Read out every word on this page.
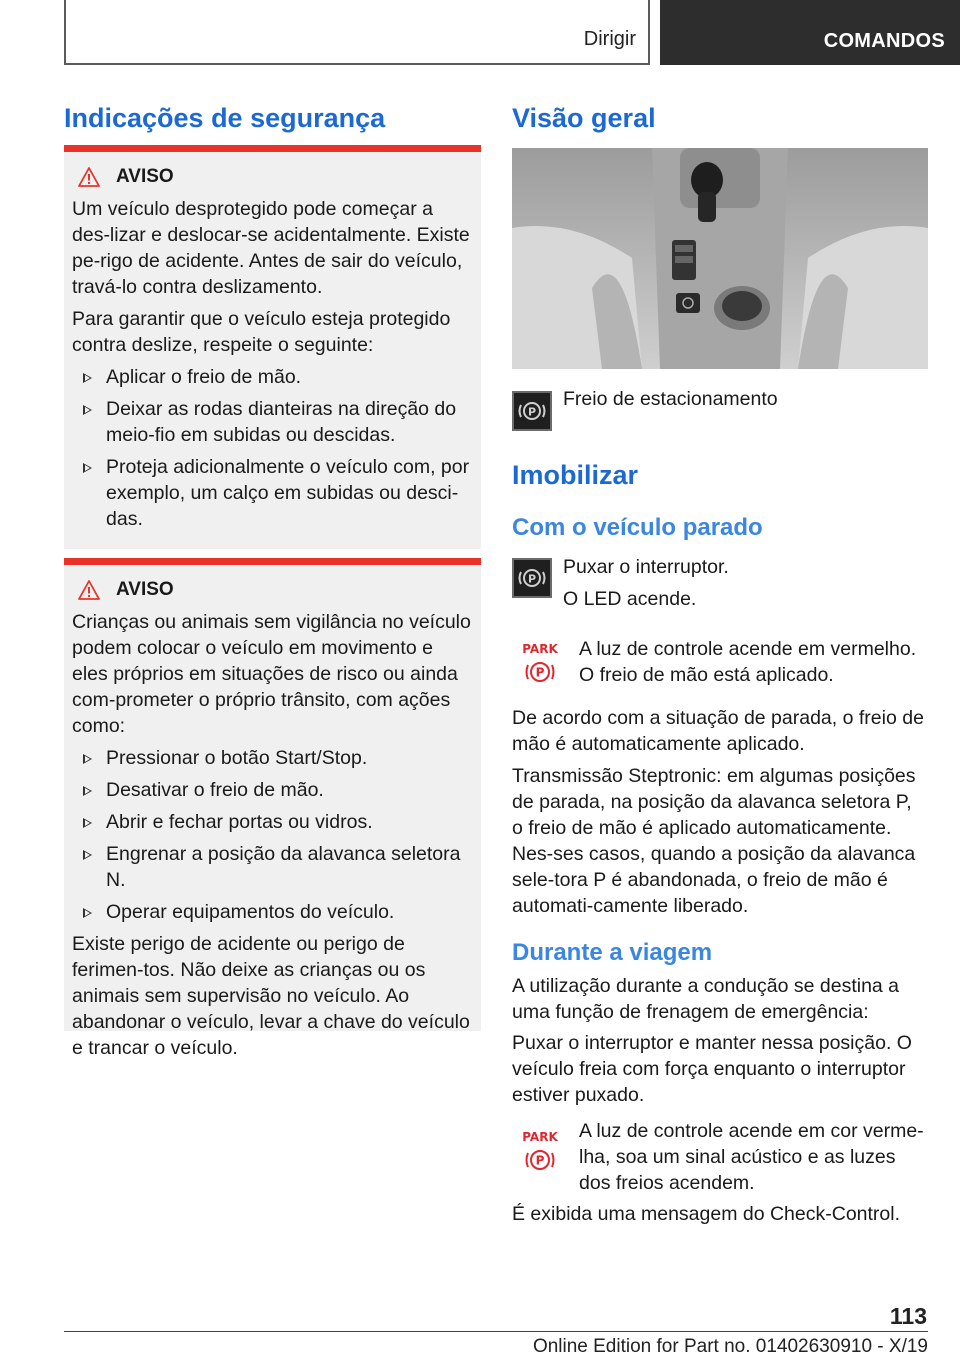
Dirigir	COMANDOS
Indicações de segurança
AVISO
Um veículo desprotegido pode começar a des-lizar e deslocar-se acidentalmente. Existe pe-rigo de acidente. Antes de sair do veículo, travá-lo contra deslizamento.
Para garantir que o veículo esteja protegido contra deslize, respeite o seguinte:
Aplicar o freio de mão.
Deixar as rodas dianteiras na direção do meio-fio em subidas ou descidas.
Proteja adicionalmente o veículo com, por exemplo, um calço em subidas ou desci-das.
AVISO
Crianças ou animais sem vigilância no veículo podem colocar o veículo em movimento e eles próprios em situações de risco ou ainda com-prometer o próprio trânsito, com ações como:
Pressionar o botão Start/Stop.
Desativar o freio de mão.
Abrir e fechar portas ou vidros.
Engrenar a posição da alavanca seletora N.
Operar equipamentos do veículo.
Existe perigo de acidente ou perigo de ferimen-tos. Não deixe as crianças ou os animais sem supervisão no veículo. Ao abandonar o veículo, levar a chave do veículo e trancar o veículo.
Visão geral
P
Freio de estacionamento
Imobilizar
Com o veículo parado
P
Puxar o interruptor.
O LED acende.
PARK
P
A luz de controle acende em vermelho. O freio de mão está aplicado.
De acordo com a situação de parada, o freio de mão é automaticamente aplicado.
Transmissão Steptronic: em algumas posições de parada, na posição da alavanca seletora P, o freio de mão é aplicado automaticamente. Nes-ses casos, quando a posição da alavanca sele-tora P é abandonada, o freio de mão é automati-camente liberado.
Durante a viagem
A utilização durante a condução se destina a uma função de frenagem de emergência:
Puxar o interruptor e manter nessa posição. O veículo freia com força enquanto o interruptor estiver puxado.
PARK
P
A luz de controle acende em cor verme-lha, soa um sinal acústico e as luzes dos freios acendem.
É exibida uma mensagem do Check-Control.
113
Online Edition for Part no. 01402630910 - X/19
